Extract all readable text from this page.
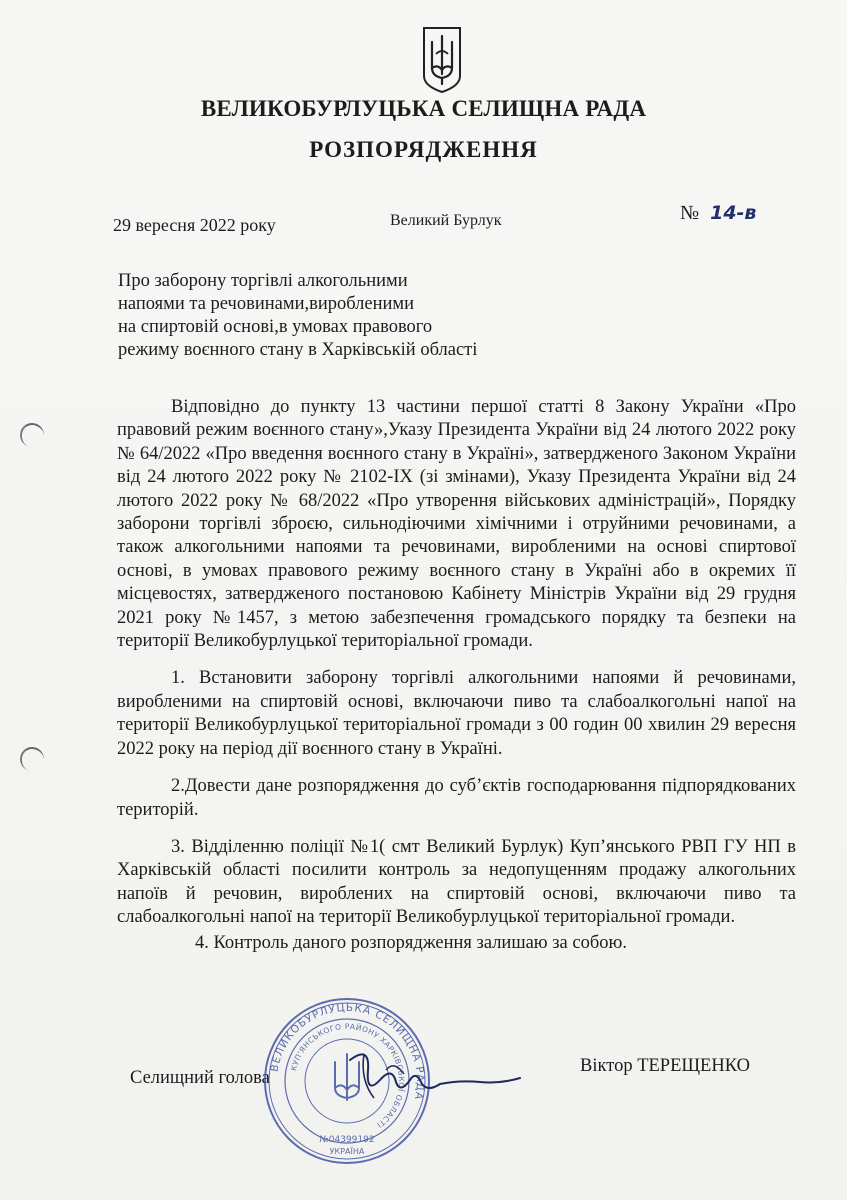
ВЕЛИКОБУРЛУЦЬКА СЕЛИЩНА РАДА
РОЗПОРЯДЖЕННЯ
29 вересня 2022 року	Великий Бурлук	№ 14-в
Про заборону торгівлі алкогольними
напоями та речовинами,виробленими
на спиртовій основі,в умовах правового
режиму воєнного стану в Харківській області

Відповідно до пункту 13 частини першої статті 8 Закону України «Про правовий режим воєнного стану»,Указу Президента України від 24 лютого 2022 року № 64/2022 «Про введення воєнного стану в Україні», затвердженого Законом України від 24 лютого 2022 року № 2102-IX (зі змінами), Указу Президента України від 24 лютого 2022 року № 68/2022 «Про утворення військових адміністрацій», Порядку заборони торгівлі зброєю, сильнодіючими хімічними і отруйними речовинами, а також алкогольними напоями та речовинами, виробленими на основі спиртової основі, в умовах правового режиму воєнного стану в Україні або в окремих її місцевостях, затвердженого постановою Кабінету Міністрів України від 29 грудня 2021 року №1457, з метою забезпечення громадського порядку та безпеки на території Великобурлуцької територіальної громади.

1. Встановити заборону торгівлі алкогольними напоями й речовинами, виробленими на спиртовій основі, включаючи пиво та слабоалкогольні напої на території Великобурлуцької територіальної громади з 00 годин 00 хвилин 29 вересня 2022 року на період дії воєнного стану в Україні.

2.Довести дане розпорядження до суб’єктів господарювання підпорядкованих територій.

3. Відділенню поліції №1( смт Великий Бурлук) Куп’янського РВП ГУ НП в Харківській області посилити контроль за недопущенням продажу алкогольних напоїв й речовин, вироблених на спиртовій основі, включаючи пиво та слабоалкогольні напої на території Великобурлуцької територіальної громади.

4. Контроль даного розпорядження залишаю за собою.

Селищний голова
Віктор ТЕРЕЩЕНКО
ВЕЛИКОБУРЛУЦЬКА СЕЛИЩНА РАДА
КУП'ЯНСЬКОГО РАЙОНУ ХАРКІВСЬКОЇ ОБЛАСТІ
№04399192
УКРАЇНА
